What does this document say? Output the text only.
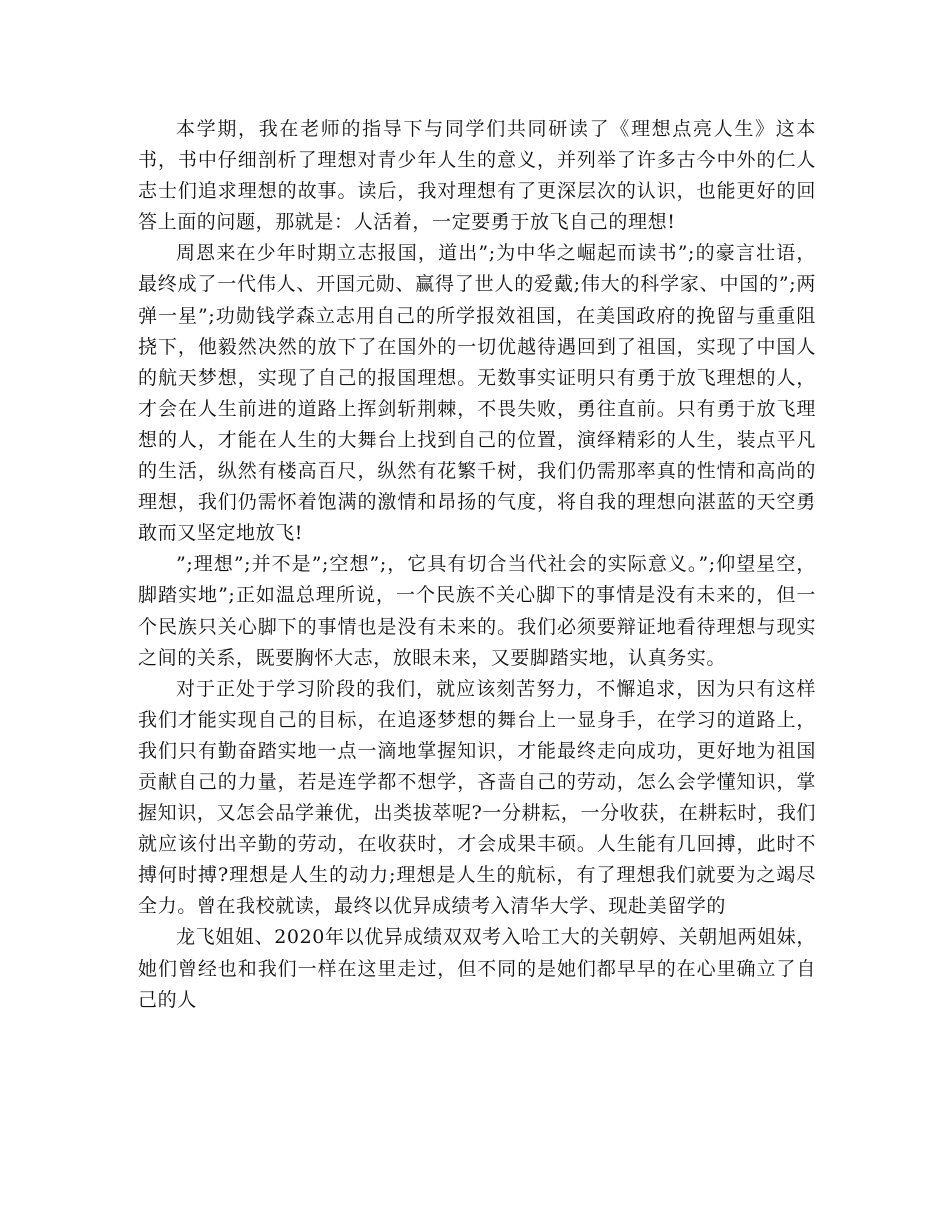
本学期，我在老师的指导下与同学们共同研读了《理想点亮人生》这本书，书中仔细剖析了理想对青少年人生的意义，并列举了许多古今中外的仁人志士们追求理想的故事。读后，我对理想有了更深层次的认识，也能更好的回答上面的问题，那就是：人活着，一定要勇于放飞自己的理想!

周恩来在少年时期立志报国，道出”;为中华之崛起而读书”;的豪言壮语，最终成了一代伟人、开国元勋、赢得了世人的爱戴;伟大的科学家、中国的”;两弹一星”;功勋钱学森立志用自己的所学报效祖国，在美国政府的挽留与重重阻挠下，他毅然决然的放下了在国外的一切优越待遇回到了祖国，实现了中国人的航天梦想，实现了自己的报国理想。无数事实证明只有勇于放飞理想的人，才会在人生前进的道路上挥剑斩荆棘，不畏失败，勇往直前。只有勇于放飞理想的人，才能在人生的大舞台上找到自己的位置，演绎精彩的人生，装点平凡的生活，纵然有楼高百尺，纵然有花繁千树，我们仍需那率真的性情和高尚的理想，我们仍需怀着饱满的激情和昂扬的气度，将自我的理想向湛蓝的天空勇敢而又坚定地放飞!

”;理想”;并不是”;空想”;，它具有切合当代社会的实际意义。”;仰望星空，脚踏实地”;正如温总理所说，一个民族不关心脚下的事情是没有未来的，但一个民族只关心脚下的事情也是没有未来的。我们必须要辩证地看待理想与现实之间的关系，既要胸怀大志，放眼未来，又要脚踏实地，认真务实。

对于正处于学习阶段的我们，就应该刻苦努力，不懈追求，因为只有这样我们才能实现自己的目标，在追逐梦想的舞台上一显身手，在学习的道路上，我们只有勤奋踏实地一点一滴地掌握知识，才能最终走向成功，更好地为祖国贡献自己的力量，若是连学都不想学，吝啬自己的劳动，怎么会学懂知识，掌握知识，又怎会品学兼优，出类拔萃呢?一分耕耘，一分收获，在耕耘时，我们就应该付出辛勤的劳动，在收获时，才会成果丰硕。人生能有几回搏，此时不搏何时搏?理想是人生的动力;理想是人生的航标，有了理想我们就要为之竭尽全力。曾在我校就读，最终以优异成绩考入清华大学、现赴美留学的

龙飞姐姐、2020年以优异成绩双双考入哈工大的关朝婷、关朝旭两姐妹，她们曾经也和我们一样在这里走过，但不同的是她们都早早的在心里确立了自己的人
